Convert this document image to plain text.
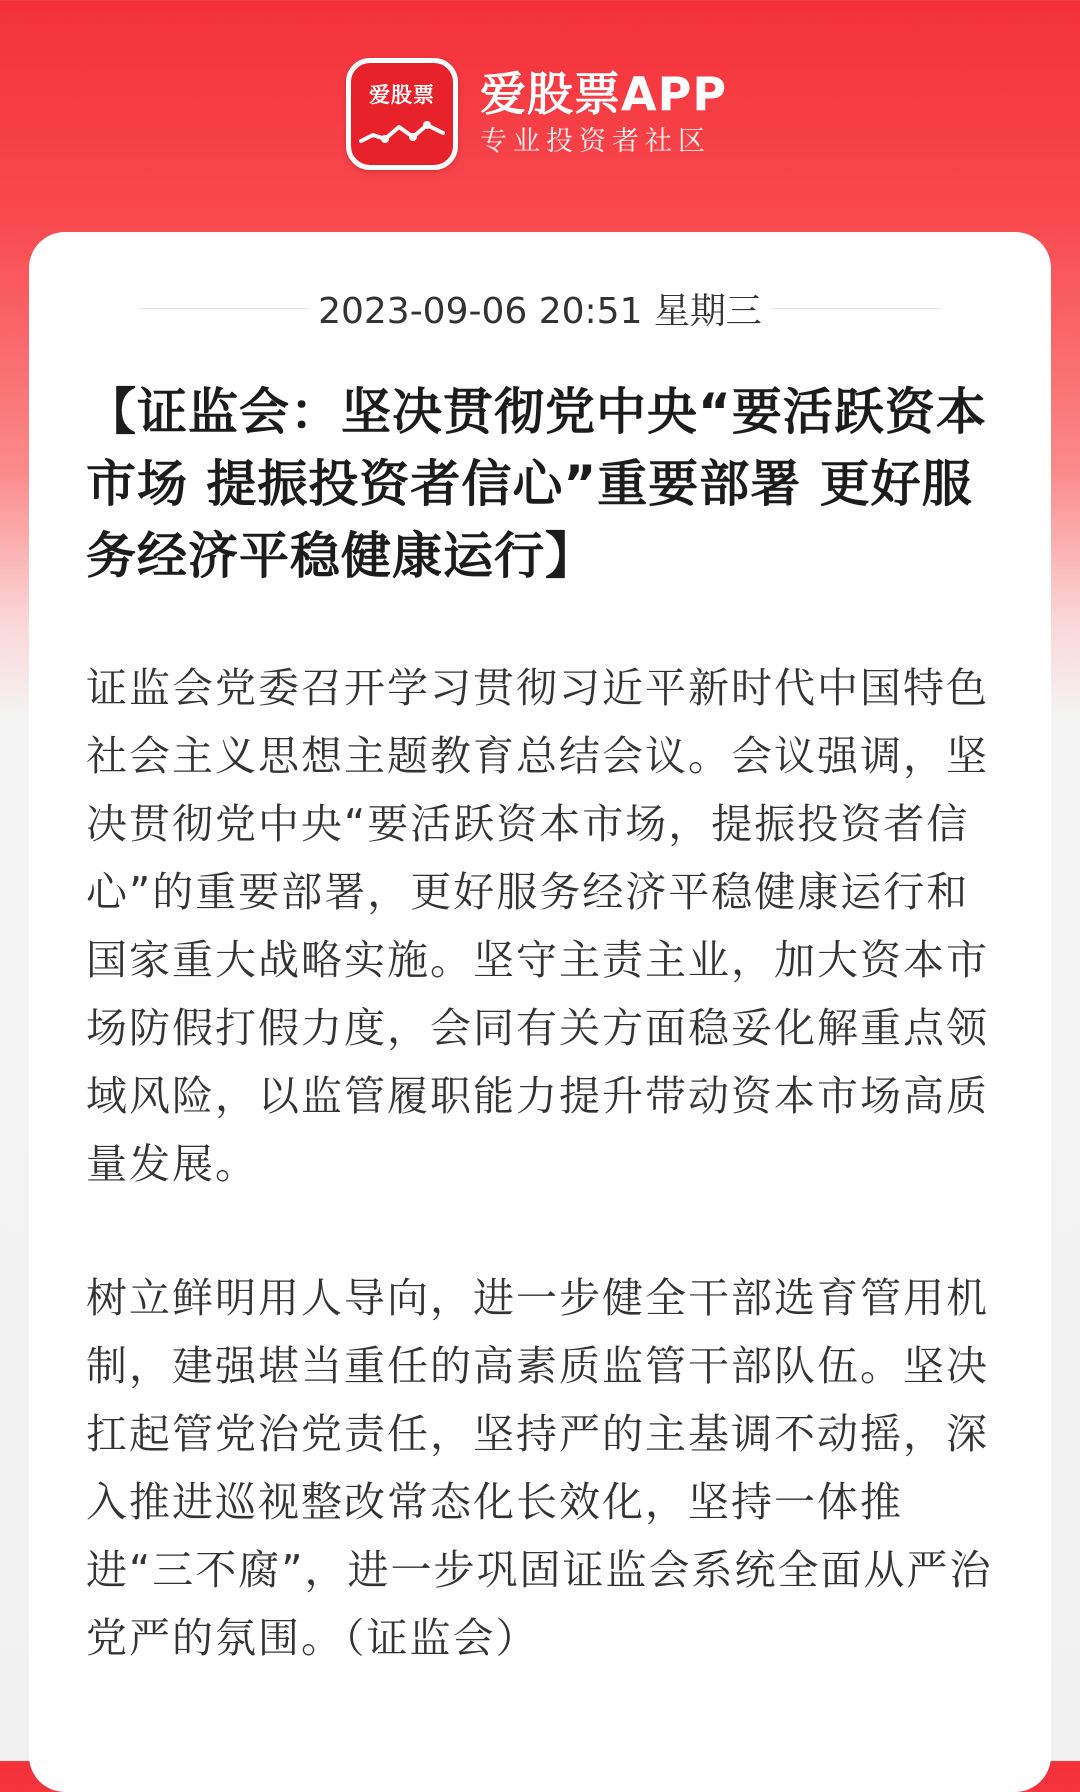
爱股票 爱股票APP
专业投资者社区
2023-09-06 20:51 星期三
【证监会：坚决贯彻党中央“要活跃资本市场 提振投资者信心”重要部署 更好服务经济平稳健康运行】

证监会党委召开学习贯彻习近平新时代中国特色社会主义思想主题教育总结会议。会议强调，坚决贯彻党中央“要活跃资本市场，提振投资者信心”的重要部署，更好服务经济平稳健康运行和国家重大战略实施。坚守主责主业，加大资本市场防假打假力度，会同有关方面稳妥化解重点领域风险，以监管履职能力提升带动资本市场高质量发展。

树立鲜明用人导向，进一步健全干部选育管用机制，建强堪当重任的高素质监管干部队伍。坚决扛起管党治党责任，坚持严的主基调不动摇，深入推进巡视整改常态化长效化，坚持一体推进“三不腐”，进一步巩固证监会系统全面从严治党严的氛围。（证监会）
